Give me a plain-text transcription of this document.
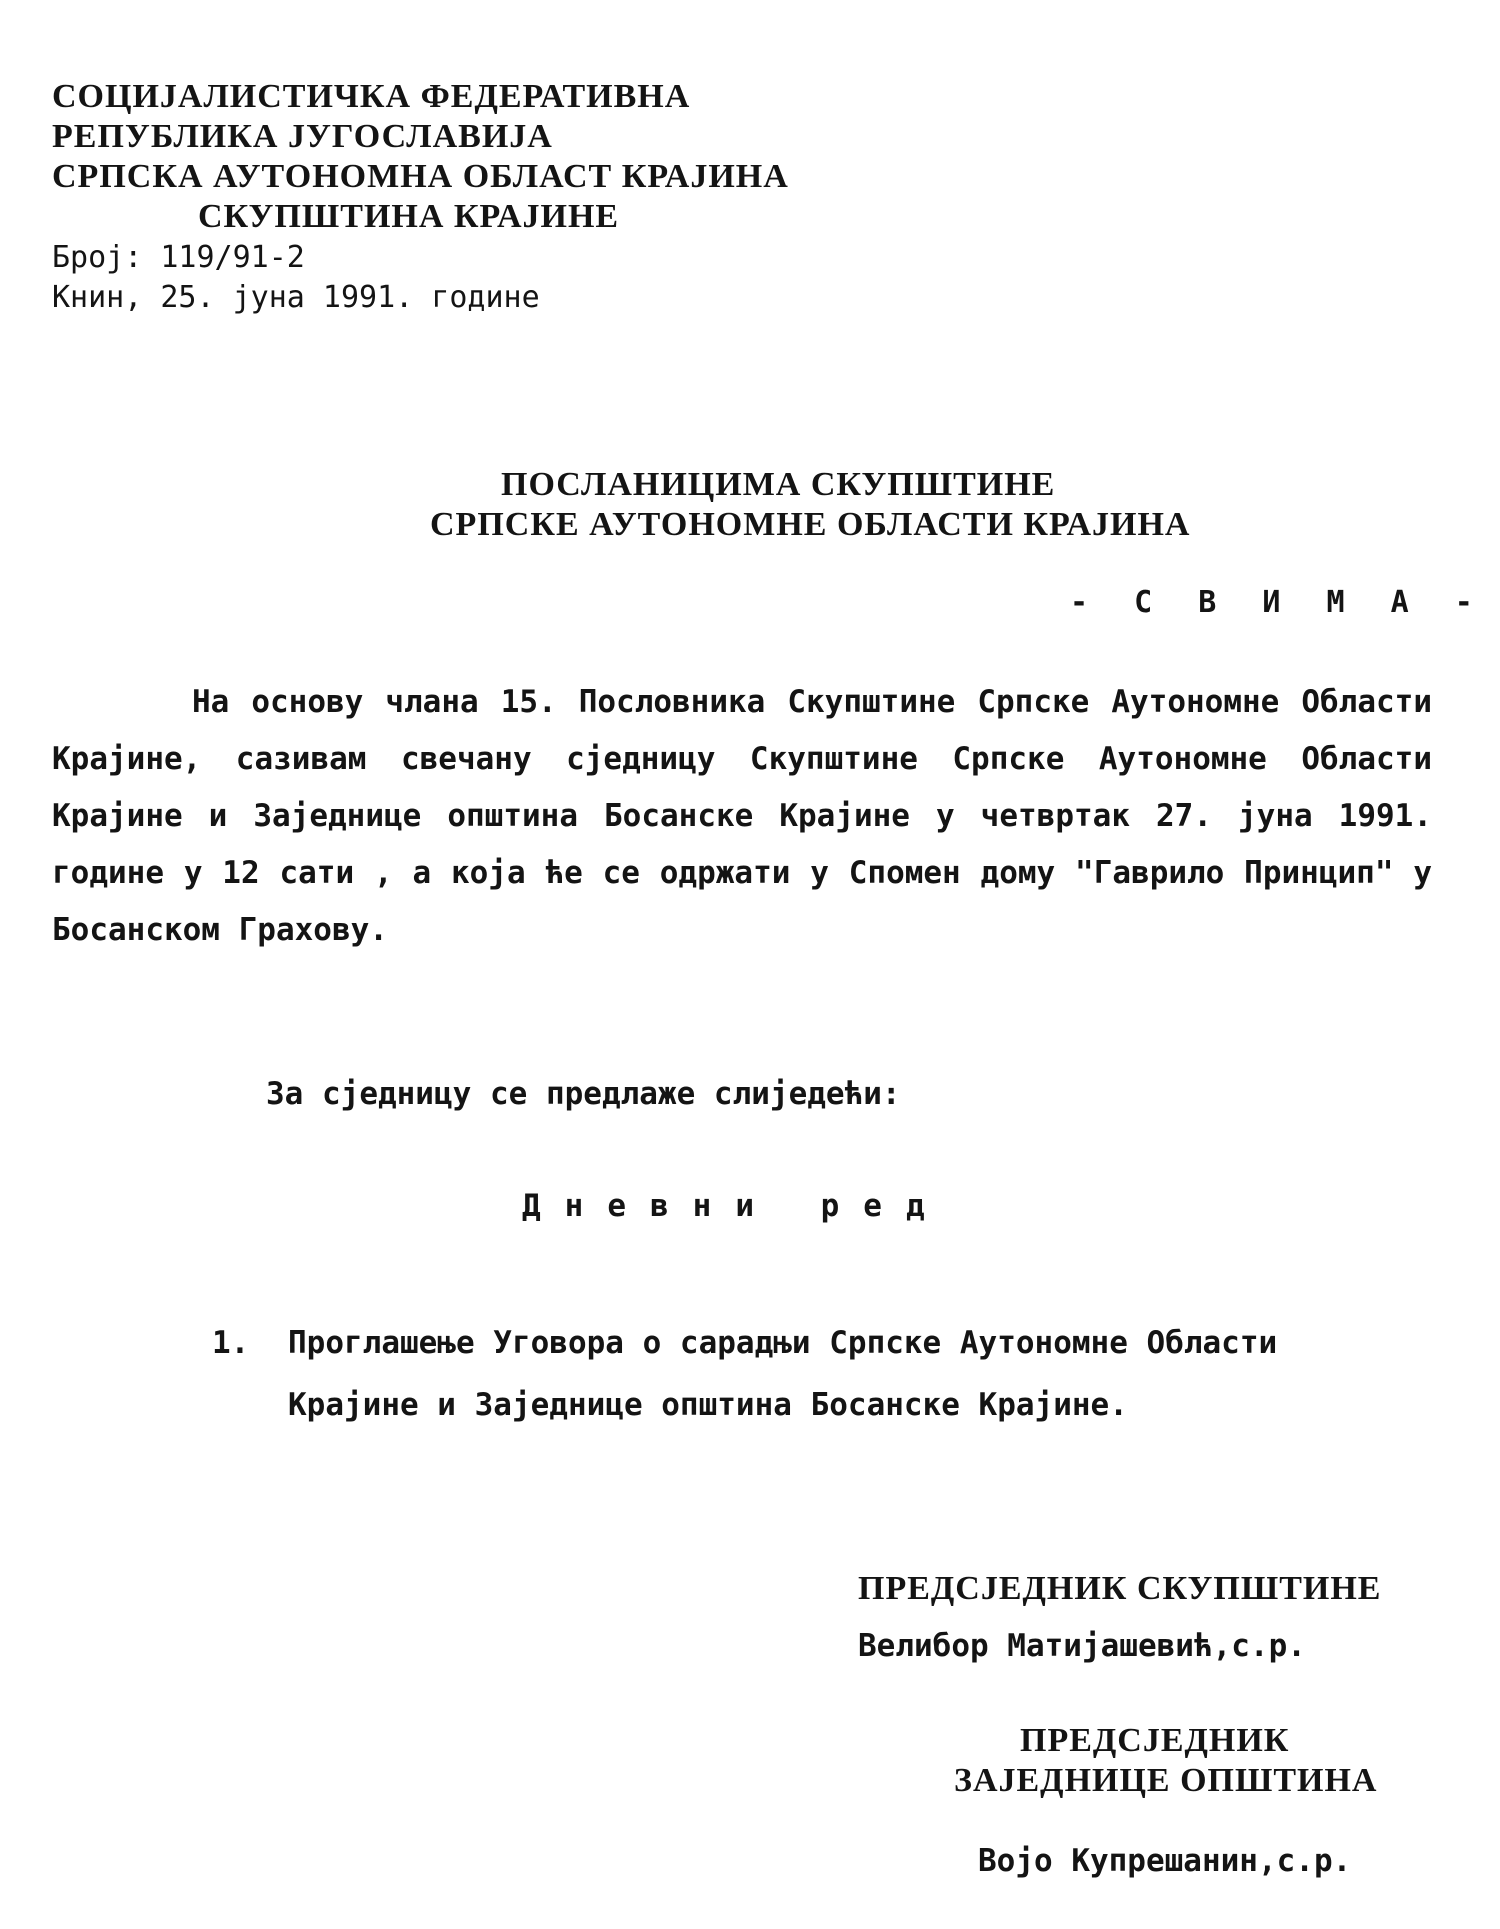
СОЦИЈАЛИСТИЧКА ФЕДЕРАТИВНА
РЕПУБЛИКА ЈУГОСЛАВИЈА
СРПСКА АУТОНОМНА ОБЛАСТ КРАЈИНА
СКУПШТИНА КРАЈИНЕ
Број: 119/91-2
Книн, 25. јуна 1991. године
ПОСЛАНИЦИМА СКУПШТИНЕ
СРПСКЕ АУТОНОМНЕ ОБЛАСТИ КРАЈИНА
- С В И М А -
На основу члана 15. Пословника Скупштине Српске Аутономне Области Крајине, сазивам свечану сједницу Скупштине Српске Аутономне Области Крајине и Заједнице општина Босанске Крајине у четвртак 27. јуна 1991. године у 12 сати , а која ће се одржати у Спомен дому "Гаврило Принцип" у Босанском Грахову.
За сједницу се предлаже слиједећи:
Дневни ред
1. Проглашење Уговора о сарадњи Српске Аутономне Области Крајине и Заједнице општина Босанске Крајине.
ПРЕДСЈЕДНИК СКУПШТИНЕ
Велибор Матијашевић,с.р.
ПРЕДСЈЕДНИК
ЗАЈЕДНИЦЕ ОПШТИНА
Војо Купрешанин,с.р.
